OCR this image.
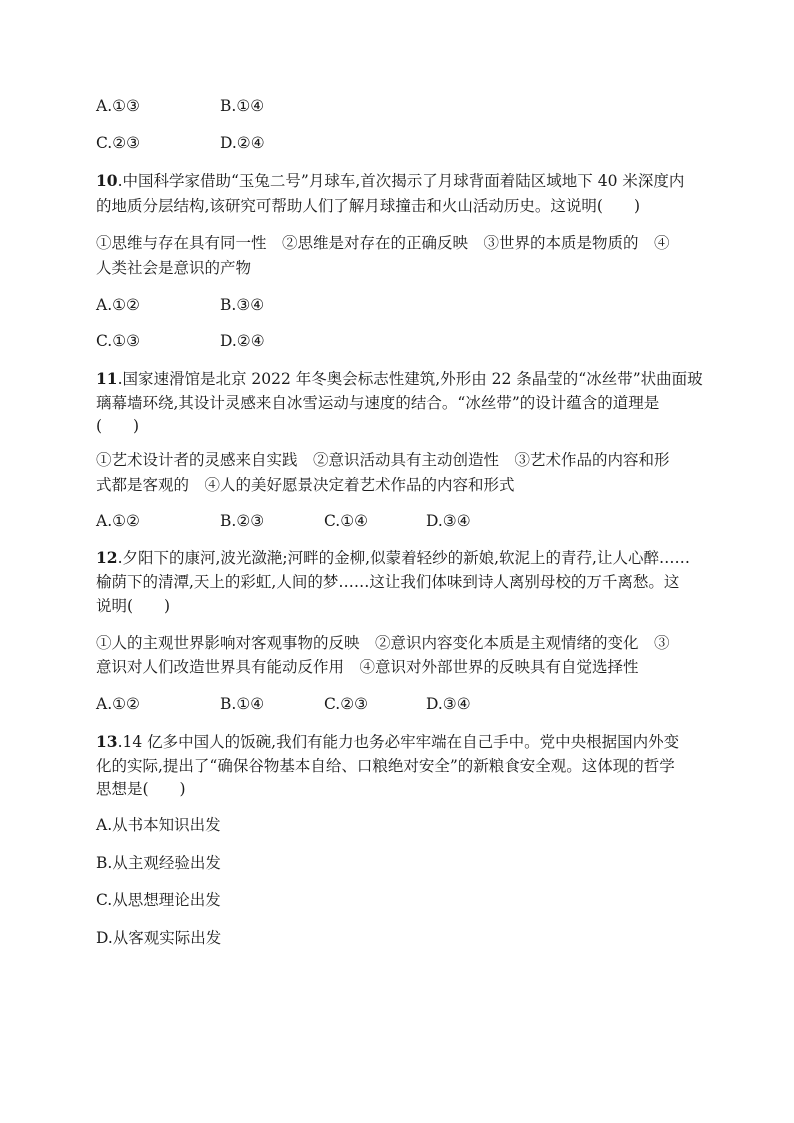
A.①③	B.①④
C.②③	D.②④
10.中国科学家借助“玉兔二号”月球车,首次揭示了月球背面着陆区域地下 40 米深度内
的地质分层结构,该研究可帮助人们了解月球撞击和火山活动历史。这说明(　　)
①思维与存在具有同一性　②思维是对存在的正确反映　③世界的本质是物质的　④
人类社会是意识的产物
A.①②	B.③④
C.①③	D.②④
11.国家速滑馆是北京 2022 年冬奥会标志性建筑,外形由 22 条晶莹的“冰丝带”状曲面玻
璃幕墙环绕,其设计灵感来自冰雪运动与速度的结合。“冰丝带”的设计蕴含的道理是
(　　)
①艺术设计者的灵感来自实践　②意识活动具有主动创造性　③艺术作品的内容和形
式都是客观的　④人的美好愿景决定着艺术作品的内容和形式
A.①②	B.②③	C.①④	D.③④
12.夕阳下的康河,波光潋滟;河畔的金柳,似蒙着轻纱的新娘,软泥上的青荇,让人心醉……
榆荫下的清潭,天上的彩虹,人间的梦……这让我们体味到诗人离别母校的万千离愁。这
说明(　　)
①人的主观世界影响对客观事物的反映　②意识内容变化本质是主观情绪的变化　③
意识对人们改造世界具有能动反作用　④意识对外部世界的反映具有自觉选择性
A.①②	B.①④	C.②③	D.③④
13.14 亿多中国人的饭碗,我们有能力也务必牢牢端在自己手中。党中央根据国内外变
化的实际,提出了“确保谷物基本自给、口粮绝对安全”的新粮食安全观。这体现的哲学
思想是(　　)
A.从书本知识出发
B.从主观经验出发
C.从思想理论出发
D.从客观实际出发
